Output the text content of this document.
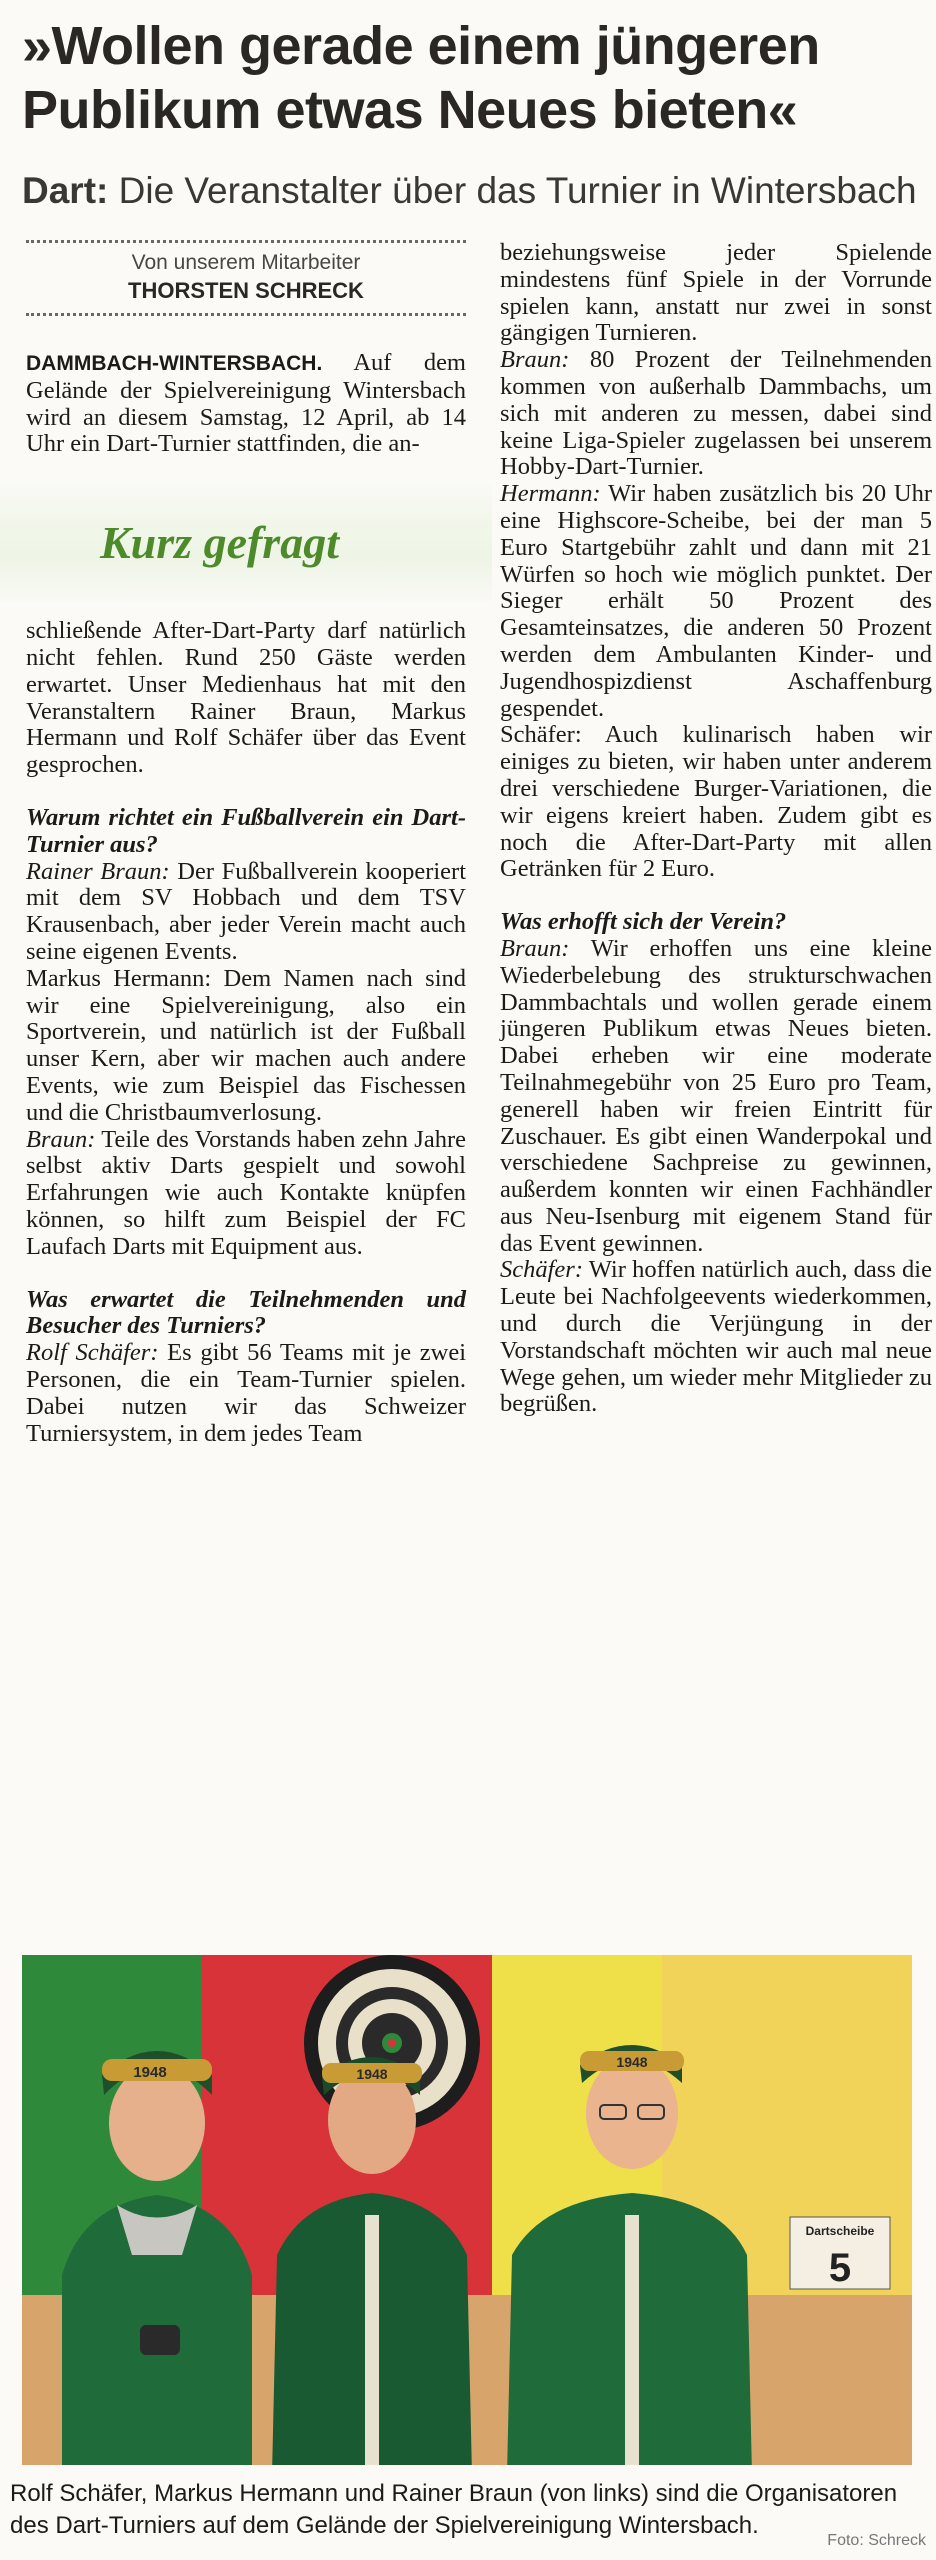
»Wollen gerade einem jüngeren Publikum etwas Neues bieten«

Dart: Die Veranstalter über das Turnier in Wintersbach

Von unserem Mitarbeiter
THORSTEN SCHRECK

DAMMBACH-WINTERSBACH. Auf dem Gelände der Spielvereinigung Wintersbach wird an diesem Samstag, 12 April, ab 14 Uhr ein Dart-Turnier stattfinden, die an-

Kurz gefragt

schließende After-Dart-Party darf natürlich nicht fehlen. Rund 250 Gäste werden erwartet. Unser Medienhaus hat mit den Veranstaltern Rainer Braun, Markus Hermann und Rolf Schäfer über das Event gesprochen.

Warum richtet ein Fußballverein ein Dart-Turnier aus?

Rainer Braun: Der Fußballverein kooperiert mit dem SV Hobbach und dem TSV Krausenbach, aber jeder Verein macht auch seine eigenen Events.

Markus Hermann: Dem Namen nach sind wir eine Spielvereinigung, also ein Sportverein, und natürlich ist der Fußball unser Kern, aber wir machen auch andere Events, wie zum Beispiel das Fischessen und die Christbaumverlosung.

Braun: Teile des Vorstands haben zehn Jahre selbst aktiv Darts gespielt und sowohl Erfahrungen wie auch Kontakte knüpfen können, so hilft zum Beispiel der FC Laufach Darts mit Equipment aus.

Was erwartet die Teilnehmenden und Besucher des Turniers?

Rolf Schäfer: Es gibt 56 Teams mit je zwei Personen, die ein Team-Turnier spielen. Dabei nutzen wir das Schweizer Turniersystem, in dem jedes Team

beziehungsweise jeder Spielende mindestens fünf Spiele in der Vorrunde spielen kann, anstatt nur zwei in sonst gängigen Turnieren.

Braun: 80 Prozent der Teilnehmenden kommen von außerhalb Dammbachs, um sich mit anderen zu messen, dabei sind keine Liga-Spieler zugelassen bei unserem Hobby-Dart-Turnier.

Hermann: Wir haben zusätzlich bis 20 Uhr eine Highscore-Scheibe, bei der man 5 Euro Startgebühr zahlt und dann mit 21 Würfen so hoch wie möglich punktet. Der Sieger erhält 50 Prozent des Gesamteinsatzes, die anderen 50 Prozent werden dem Ambulanten Kinder- und Jugendhospizdienst Aschaffenburg gespendet.

Schäfer: Auch kulinarisch haben wir einiges zu bieten, wir haben unter anderem drei verschiedene Burger-Variationen, die wir eigens kreiert haben. Zudem gibt es noch die After-Dart-Party mit allen Getränken für 2 Euro.

Was erhofft sich der Verein?

Braun: Wir erhoffen uns eine kleine Wiederbelebung des strukturschwachen Dammbachtals und wollen gerade einem jüngeren Publikum etwas Neues bieten. Dabei erheben wir eine moderate Teilnahmegebühr von 25 Euro pro Team, generell haben wir freien Eintritt für Zuschauer. Es gibt einen Wanderpokal und verschiedene Sachpreise zu gewinnen, außerdem konnten wir einen Fachhändler aus Neu-Isenburg mit eigenem Stand für das Event gewinnen.

Schäfer: Wir hoffen natürlich auch, dass die Leute bei Nachfolgeevents wiederkommen, und durch die Verjüngung in der Vorstandschaft möchten wir auch mal neue Wege gehen, um wieder mehr Mitglieder zu begrüßen.

1948	1948
1948
Dartscheibe
5
Rolf Schäfer, Markus Hermann und Rainer Braun (von links) sind die Organisatoren des Dart-Turniers auf dem Gelände der Spielvereinigung Wintersbach.
Foto: Schreck
